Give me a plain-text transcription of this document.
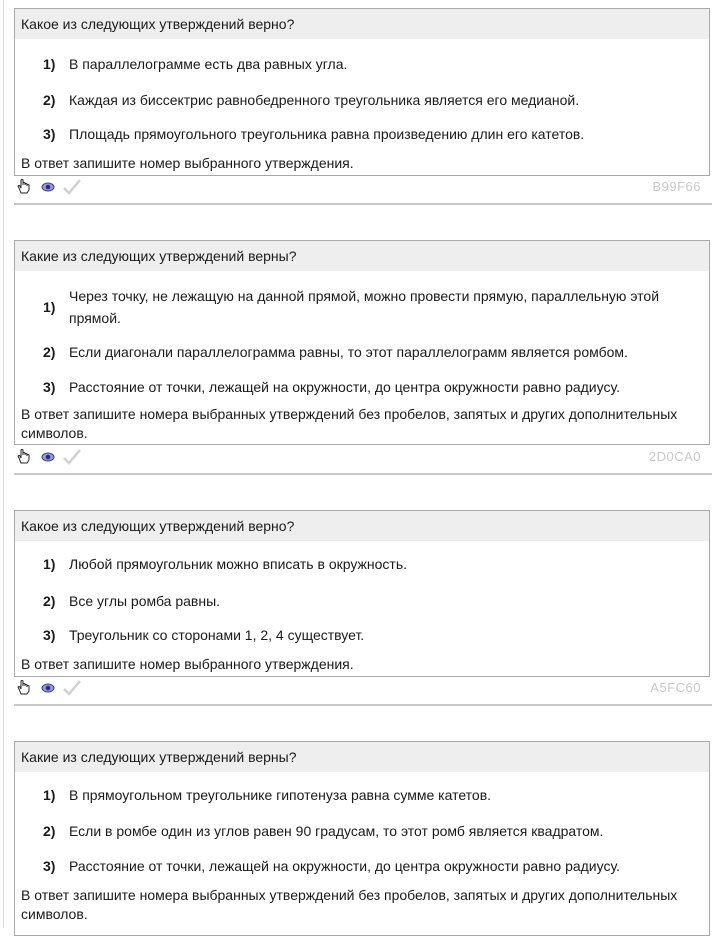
Какое из следующих утверждений верно?
1) В параллелограмме есть два равных угла.
2) Каждая из биссектрис равнобедренного треугольника является его медианой.
3) Площадь прямоугольного треугольника равна произведению длин его катетов.
В ответ запишите номер выбранного утверждения.
B99F66
Какие из следующих утверждений верны?
1)
Через точку, не лежащую на данной прямой, можно провести прямую, параллельную этой прямой.
2) Если диагонали параллелограмма равны, то этот параллелограмм является ромбом.
3) Расстояние от точки, лежащей на окружности, до центра окружности равно радиусу.
В ответ запишите номера выбранных утверждений без пробелов, запятых и других дополнительных символов.
2D0CA0
Какое из следующих утверждений верно?
1) Любой прямоугольник можно вписать в окружность.
2) Все углы ромба равны.
3) Треугольник со сторонами 1, 2, 4 существует.
В ответ запишите номер выбранного утверждения.
A5FC60
Какие из следующих утверждений верны?
1) В прямоугольном треугольнике гипотенуза равна сумме катетов.
2) Если в ромбе один из углов равен 90 градусам, то этот ромб является квадратом.
3) Расстояние от точки, лежащей на окружности, до центра окружности равно радиусу.
В ответ запишите номера выбранных утверждений без пробелов, запятых и других дополнительных символов.
